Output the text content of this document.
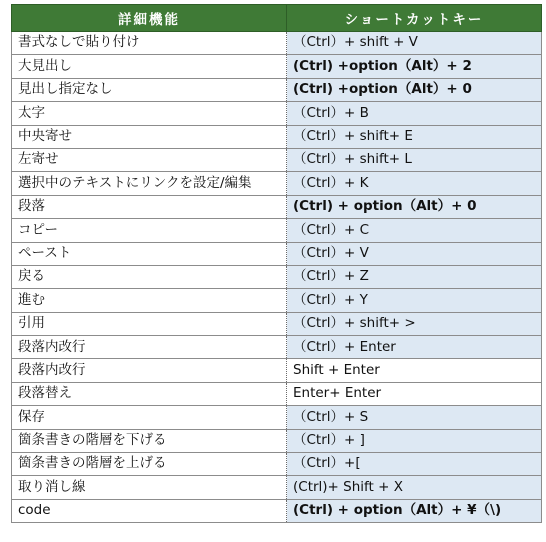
詳細機能	ショートカットキー
書式なしで貼り付け	（Ctrl）+ shift + V
大見出し	(Ctrl) +option（Alt）+ 2
見出し指定なし	(Ctrl) +option（Alt）+ 0
太字	（Ctrl）+ B
中央寄せ	（Ctrl）+ shift+ E
左寄せ	（Ctrl）+ shift+ L
選択中のテキストにリンクを設定/編集	（Ctrl）+ K
段落	(Ctrl) + option（Alt）+ 0
コピー	（Ctrl）+ C
ペースト	（Ctrl）+ V
戻る	（Ctrl）+ Z
進む	（Ctrl）+ Y
引用	（Ctrl）+ shift+ >
段落内改行	（Ctrl）+ Enter
段落内改行	Shift + Enter
段落替え	Enter+ Enter
保存	（Ctrl）+ S
箇条書きの階層を下げる	（Ctrl）+ ]
箇条書きの階層を上げる	（Ctrl）+[
取り消し線	(Ctrl)+ Shift + X
code	(Ctrl) + option（Alt）+ ¥（\)
